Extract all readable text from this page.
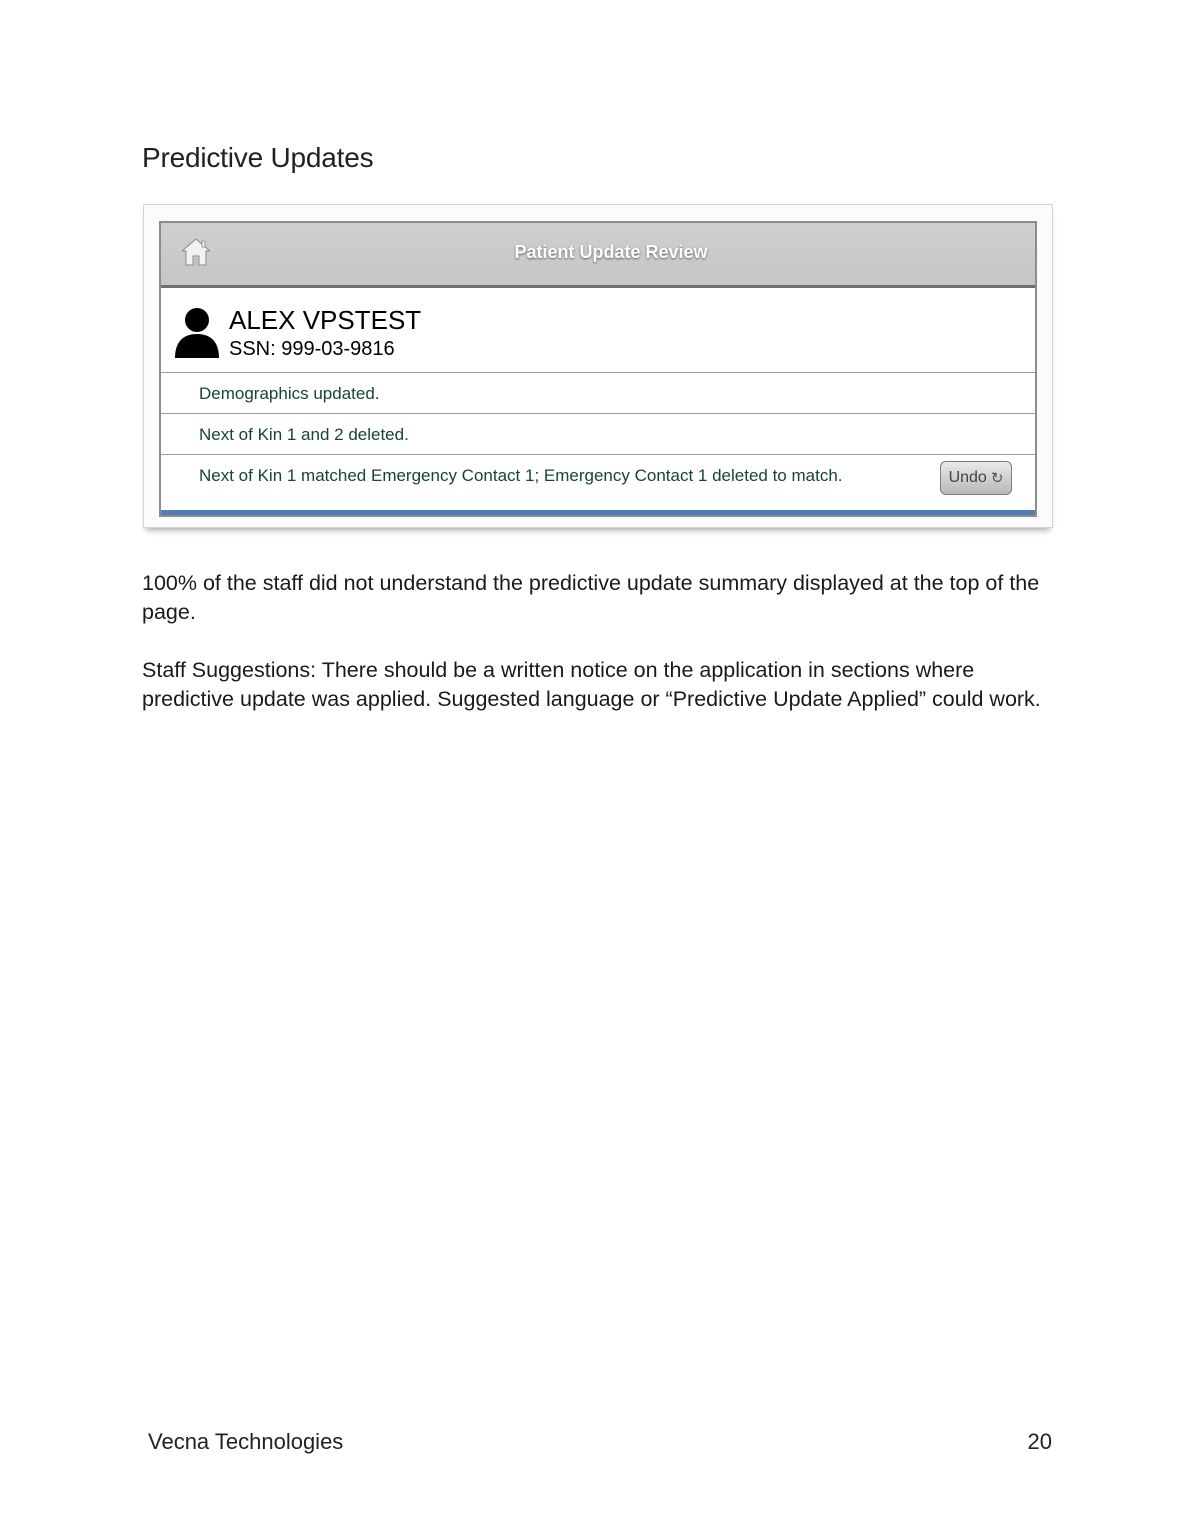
Predictive Updates
Patient Update Review
ALEX VPSTEST
SSN: 999-03-9816
Demographics updated.
Next of Kin 1 and 2 deleted.
Next of Kin 1 matched Emergency Contact 1; Emergency Contact 1 deleted to match.	Undo ↻

100% of the staff did not understand the predictive update summary displayed at the top of the page.

Staff Suggestions: There should be a written notice on the application in sections where predictive update was applied. Suggested language or “Predictive Update Applied” could work.

Vecna Technologies	20
